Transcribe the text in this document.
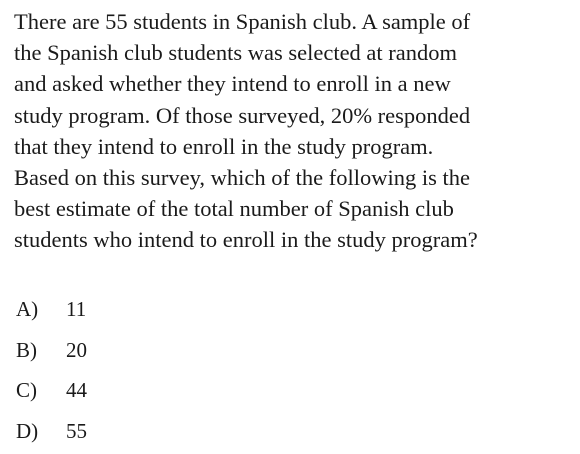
There are 55 students in Spanish club. A sample of
the Spanish club students was selected at random
and asked whether they intend to enroll in a new
study program. Of those surveyed, 20% responded
that they intend to enroll in the study program.
Based on this survey, which of the following is the
best estimate of the total number of Spanish club
students who intend to enroll in the study program?
A)	11
B)	20
C)	44
D)	55
